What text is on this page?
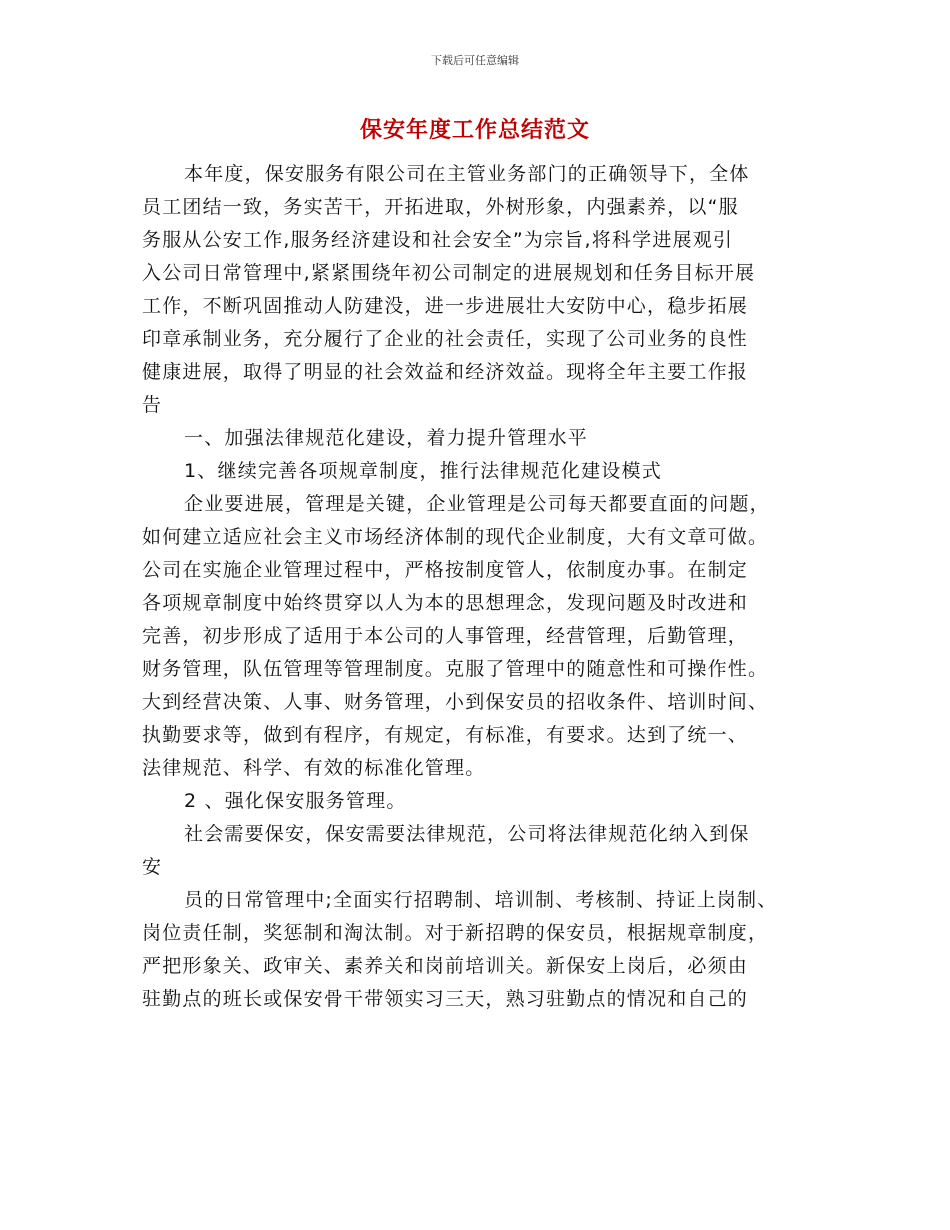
下载后可任意编辑
保安年度工作总结范文
本年度，保安服务有限公司在主管业务部门的正确领导下，全体
员工团结一致，务实苦干，开拓进取，外树形象，内强素养，以“服
务服从公安工作,服务经济建设和社会安全”为宗旨,将科学进展观引
入公司日常管理中,紧紧围绕年初公司制定的进展规划和任务目标开展
工作，不断巩固推动人防建没，进一步进展壮大安防中心，稳步拓展
印章承制业务，充分履行了企业的社会责任，实现了公司业务的良性
健康进展，取得了明显的社会效益和经济效益。现将全年主要工作报
告
一、加强法律规范化建设，着力提升管理水平
1、继续完善各项规章制度，推行法律规范化建设模式
企业要进展，管理是关键，企业管理是公司每天都要直面的问题，
如何建立适应社会主义市场经济体制的现代企业制度，大有文章可做。
公司在实施企业管理过程中，严格按制度管人，依制度办事。在制定
各项规章制度中始终贯穿以人为本的思想理念，发现问题及时改进和
完善，初步形成了适用于本公司的人事管理，经营管理，后勤管理，
财务管理，队伍管理等管理制度。克服了管理中的随意性和可操作性。
大到经营决策、人事、财务管理，小到保安员的招收条件、培训时间、
执勤要求等，做到有程序，有规定，有标准，有要求。达到了统一、
法律规范、科学、有效的标准化管理。
2 、强化保安服务管理。
社会需要保安，保安需要法律规范，公司将法律规范化纳入到保
安
员的日常管理中;全面实行招聘制、培训制、考核制、持证上岗制、
岗位责任制，奖惩制和淘汰制。对于新招聘的保安员，根据规章制度，
严把形象关、政审关、素养关和岗前培训关。新保安上岗后，必须由
驻勤点的班长或保安骨干带领实习三天，熟习驻勤点的情况和自己的
